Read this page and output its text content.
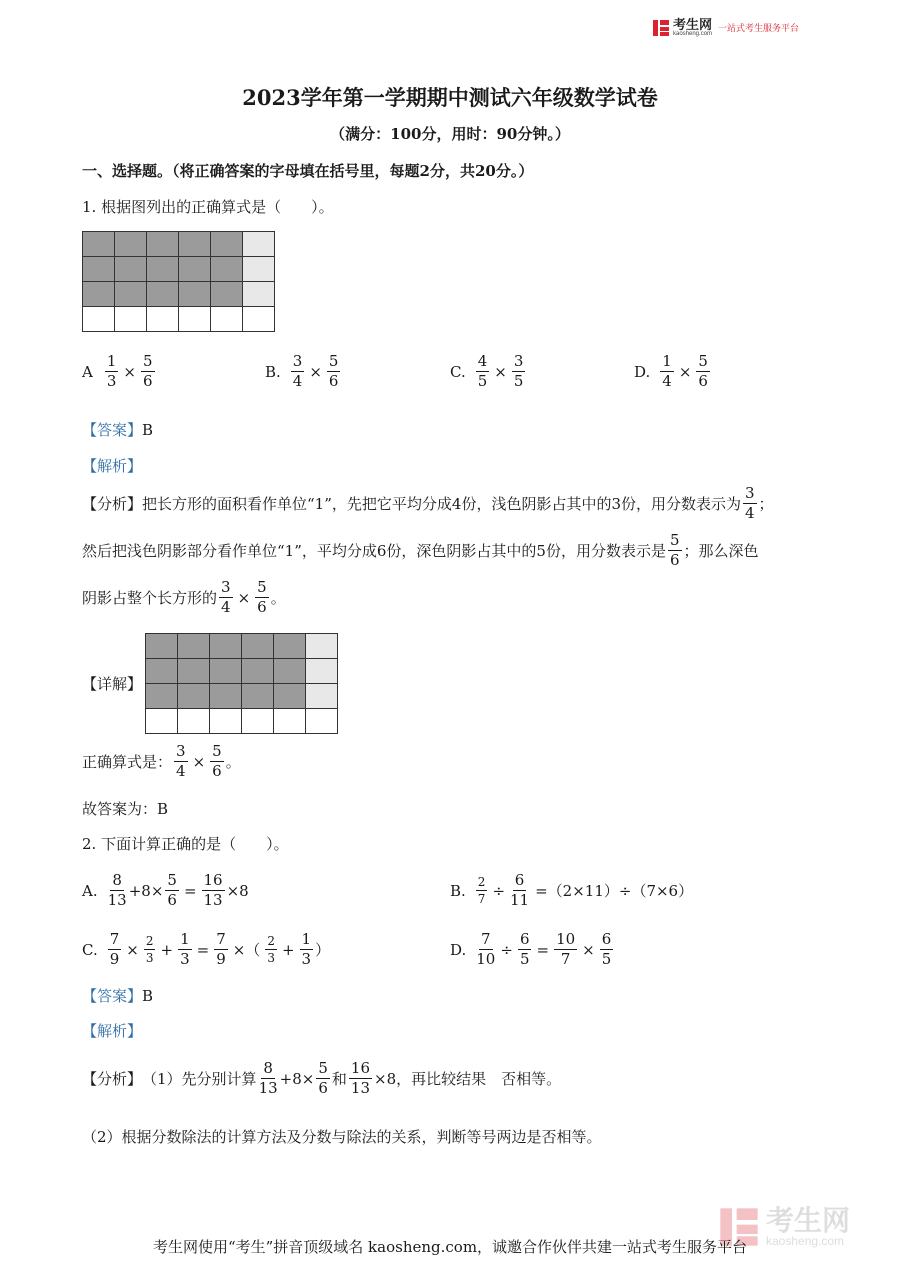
考生网
kaosheng.com
一站式考生服务平台
2023学年第一学期期中测试六年级数学试卷
（满分：100分，用时：90分钟。）
一、选择题。（将正确答案的字母填在括号里，每题2分，共20分。）
1. 根据图列出的正确算式是（　　）。
A $\frac{1}{3} \times \frac{5}{6}$	B. $\frac{3}{4} \times \frac{5}{6}$	C. $\frac{4}{5} \times \frac{3}{5}$	D. $\frac{1}{4} \times \frac{5}{6}$
【答案】B
【解析】
【分析】 把长方形的面积看作单位“1”，先把它平均分成4份，浅色阴影占其中的3份，用分数表示为 $\frac{3}{4}$ ；
然后把浅色阴影部分看作单位“1”，平均分成6份，深色阴影占其中的5份，用分数表示是 $\frac{5}{6}$ ；那么深色
阴影占整个长方形的 $\frac{3}{4} \times \frac{5}{6}$ 。
【详解】
正确算式是： $\frac{3}{4} \times \frac{5}{6}$ 。
故答案为：B
2. 下面计算正确的是（　　）。
A. $\frac{8}{13} +8\times \frac{5}{6} = \frac{16}{13} \times 8$	B. $\frac{2}{7} \div \frac{6}{11} =(2\times 11)\div(7\times 6)$
C. $\frac{7}{9} \times \frac{2}{3} + \frac{1}{3} = \frac{7}{9}$ ×（ $\frac{2}{3} + \frac{1}{3}$ ）	D. $\frac{7}{10} \div \frac{6}{5} = \frac{10}{7} \times \frac{6}{5}$
【答案】B
【解析】
【分析】 （1）先分别计算 $\frac{8}{13} +8\times \frac{5}{6}$ 和 $\frac{16}{13} \times 8$，再比较结果　否相等。
（2）根据分数除法的计算方法及分数与除法的关系，判断等号两边是否相等。
考生网
kaosheng.com
考生网使用“考生”拼音顶级域名 kaosheng.com，诚邀合作伙伴共建一站式考生服务平台
